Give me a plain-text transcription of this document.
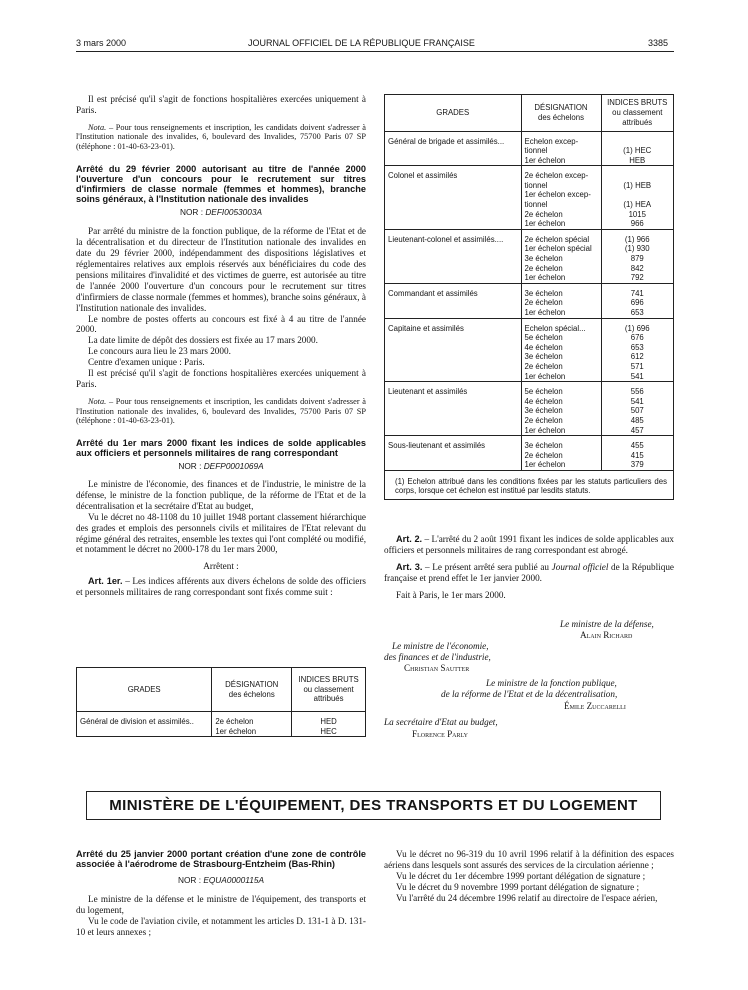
3 mars 2000	JOURNAL OFFICIEL DE LA RÉPUBLIQUE FRANÇAISE	3385

Il est précisé qu'il s'agit de fonctions hospitalières exercées uniquement à Paris.

Nota. – Pour tous renseignements et inscription, les candidats doivent s'adresser à l'Institution nationale des invalides, 6, boulevard des Invalides, 75700 Paris 07 SP (téléphone : 01-40-63-23-01).

Arrêté du 29 février 2000 autorisant au titre de l'année 2000 l'ouverture d'un concours pour le recrutement sur titres d'infirmiers de classe normale (femmes et hommes), branche soins généraux, à l'Institution nationale des invalides
NOR : DEFI0053003A

Par arrêté du ministre de la fonction publique, de la réforme de l'Etat et de la décentralisation et du directeur de l'Institution nationale des invalides en date du 29 février 2000, indépendamment des dispositions législatives et réglementaires relatives aux emplois réservés aux bénéficiaires du code des pensions militaires d'invalidité et des victimes de guerre, est autorisée au titre de l'année 2000 l'ouverture d'un concours pour le recrutement sur titres d'infirmiers de classe normale (femmes et hommes), branche soins généraux, à l'Institution nationale des invalides.

Le nombre de postes offerts au concours est fixé à 4 au titre de l'année 2000.

La date limite de dépôt des dossiers est fixée au 17 mars 2000.

Le concours aura lieu le 23 mars 2000.

Centre d'examen unique : Paris.

Il est précisé qu'il s'agit de fonctions hospitalières exercées uniquement à Paris.

Nota. – Pour tous renseignements et inscription, les candidats doivent s'adresser à l'Institution nationale des invalides, 6, boulevard des Invalides, 75700 Paris 07 SP (téléphone : 01-40-63-23-01).

Arrêté du 1er mars 2000 fixant les indices de solde applicables aux officiers et personnels militaires de rang correspondant
NOR : DEFP0001069A

Le ministre de l'économie, des finances et de l'industrie, le ministre de la défense, le ministre de la fonction publique, de la réforme de l'Etat et de la décentralisation et la secrétaire d'Etat au budget,

Vu le décret no 48-1108 du 10 juillet 1948 portant classement hiérarchique des grades et emplois des personnels civils et militaires de l'Etat relevant du régime général des retraites, ensemble les textes qui l'ont complété ou modifié, et notamment le décret no 2000-178 du 1er mars 2000,

Arrêtent :

Art. 1er. – Les indices afférents aux divers échelons de solde des officiers et personnels militaires de rang correspondant sont fixés comme suit :

GRADES	DÉSIGNATION
des échelons	INDICES BRUTS
ou classement
attribués
Général de division et assimilés..	2e échelon	HED
	1er échelon	HEC
GRADES	DÉSIGNATION
des échelons	INDICES BRUTS
ou classement
attribués
Général de brigade et assimilés...	Echelon excep-	
	tionnel	(1) HEC
	1er échelon	HEB
Colonel et assimilés	2e échelon excep-	
	tionnel	(1) HEB
	1er échelon excep-	
	tionnel	(1) HEA
	2e échelon	1015
	1er échelon	966
Lieutenant-colonel et assimilés....	2e échelon spécial	(1) 966
	1er échelon spécial	(1) 930
	3e échelon	879
	2e échelon	842
	1er échelon	792
Commandant et assimilés	3e échelon	741
	2e échelon	696
	1er échelon	653
Capitaine et assimilés	Echelon spécial...	(1) 696
	5e échelon	676
	4e échelon	653
	3e échelon	612
	2e échelon	571
	1er échelon	541
Lieutenant et assimilés	5e échelon	556
	4e échelon	541
	3e échelon	507
	2e échelon	485
	1er échelon	457
Sous-lieutenant et assimilés	3e échelon	455
	2e échelon	415
	1er échelon	379
(1) Echelon attribué dans les conditions fixées par les statuts particuliers des corps, lorsque cet échelon est institué par lesdits statuts.

Art. 2. – L'arrêté du 2 août 1991 fixant les indices de solde applicables aux officiers et personnels militaires de rang correspondant est abrogé.

Art. 3. – Le présent arrêté sera publié au Journal officiel de la République française et prend effet le 1er janvier 2000.

Fait à Paris, le 1er mars 2000.

Le ministre de la défense,
Alain Richard
Le ministre de l'économie,
des finances et de l'industrie,
Christian Sautter
Le ministre de la fonction publique,
de la réforme de l'Etat et de la décentralisation,
Émile Zuccarelli
La secrétaire d'Etat au budget,
Florence Parly
MINISTÈRE DE L'ÉQUIPEMENT, DES TRANSPORTS ET DU LOGEMENT
Arrêté du 25 janvier 2000 portant création d'une zone de contrôle associée à l'aérodrome de Strasbourg-Entzheim (Bas-Rhin)
NOR : EQUA0000115A

Le ministre de la défense et le ministre de l'équipement, des transports et du logement,

Vu le code de l'aviation civile, et notamment les articles D. 131-1 à D. 131-10 et leurs annexes ;

Vu le décret no 96-319 du 10 avril 1996 relatif à la définition des espaces aériens dans lesquels sont assurés des services de la circulation aérienne ;

Vu le décret du 1er décembre 1999 portant délégation de signature ;

Vu le décret du 9 novembre 1999 portant délégation de signature ;

Vu l'arrêté du 24 décembre 1996 relatif au directoire de l'espace aérien,
